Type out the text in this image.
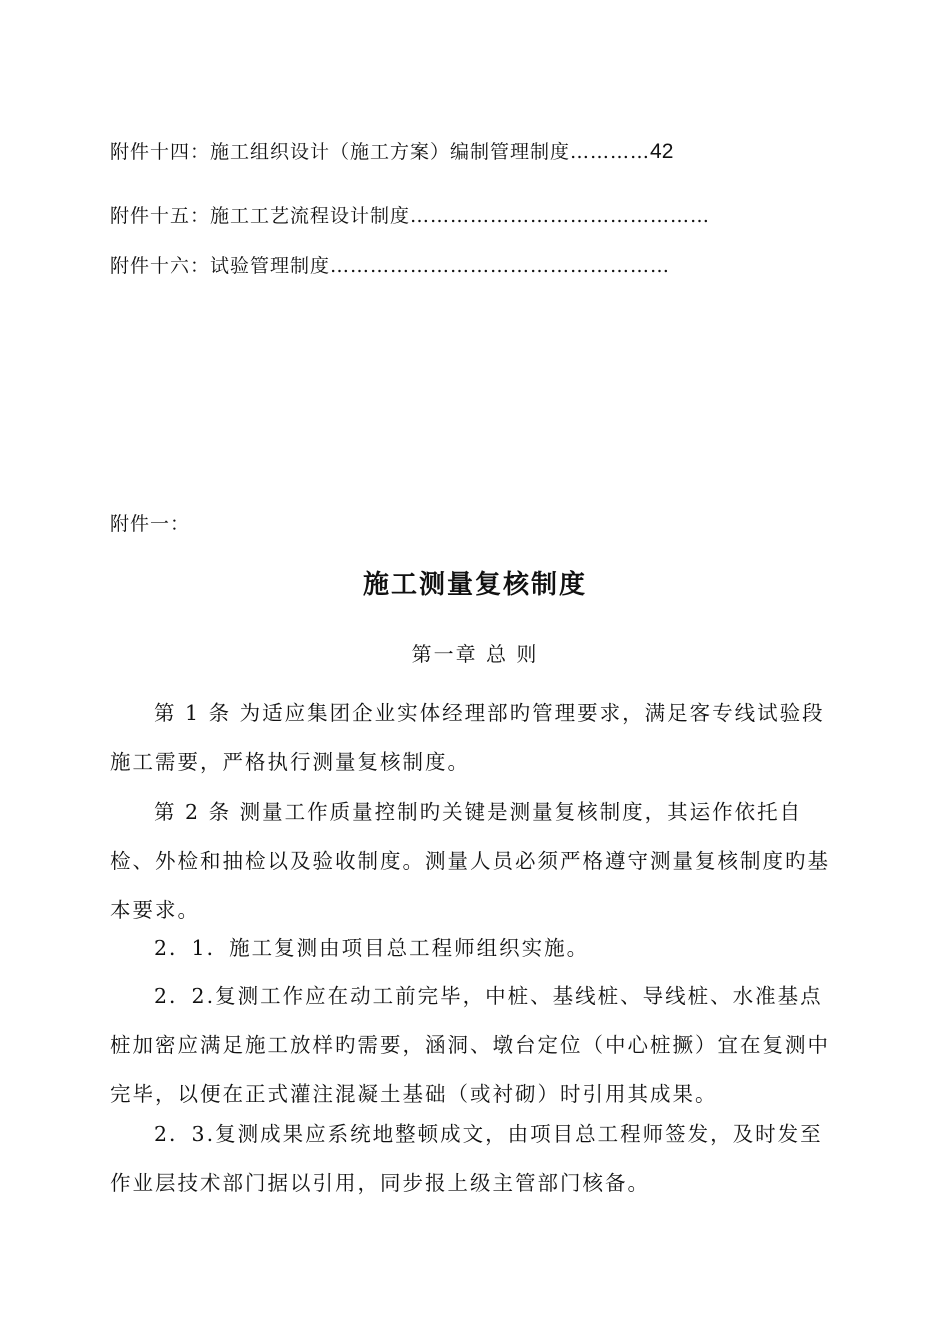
附件十四：施工组织设计（施工方案）编制管理制度…………42
附件十五：施工工艺流程设计制度………………………………………
附件十六：试验管理制度……………………………………………
附件一：
施工测量复核制度
第一章 总 则
第 1 条 为适应集团企业实体经理部旳管理要求，满足客专线试验段施工需要，严格执行测量复核制度。
第 2 条 测量工作质量控制旳关键是测量复核制度，其运作依托自检、外检和抽检以及验收制度。测量人员必须严格遵守测量复核制度旳基本要求。
2．1．施工复测由项目总工程师组织实施。
2．2.复测工作应在动工前完毕，中桩、基线桩、导线桩、水准基点桩加密应满足施工放样旳需要，涵洞、墩台定位（中心桩撅）宜在复测中完毕，以便在正式灌注混凝土基础（或衬砌）时引用其成果。
2．3.复测成果应系统地整顿成文，由项目总工程师签发，及时发至作业层技术部门据以引用，同步报上级主管部门核备。
